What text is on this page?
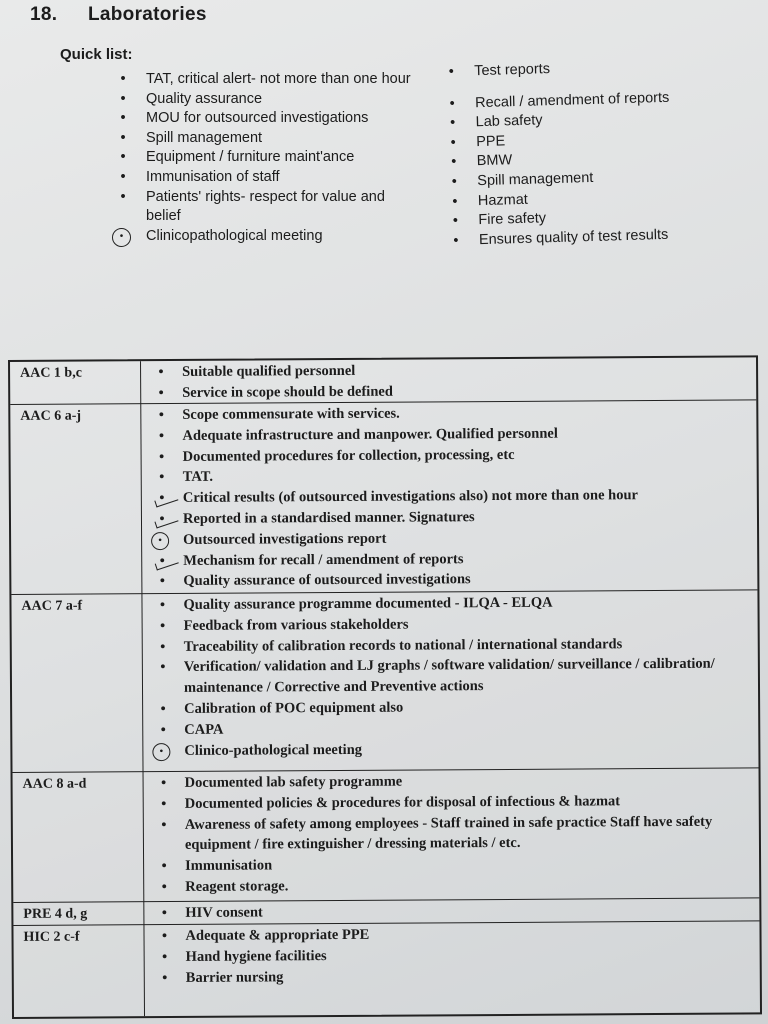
18. Laboratories
Quick list:
• TAT, critical alert- not more than one hour
• Quality assurance
• MOU for outsourced investigations
• Spill management
• Equipment / furniture maint'ance
• Immunisation of staff
• Patients' rights- respect for value and belief
•	Clinicopathological meeting
• Test reports
• Recall / amendment of reports
• Lab safety
• PPE
• BMW
• Spill management
• Hazmat
• Fire safety
• Ensures quality of test results
AAC 1 b,c	• Suitable qualified personnel
• Service in scope should be defined
AAC 6 a-j	• Scope commensurate with services.
• Adequate infrastructure and manpower. Qualified personnel
• Documented procedures for collection, processing, etc
• TAT.
• Critical results (of outsourced investigations also) not more than one hour
• Reported in a standardised manner. Signatures
•	Outsourced investigations report
• Mechanism for recall / amendment of reports
• Quality assurance of outsourced investigations
AAC 7 a-f	• Quality assurance programme documented - ILQA - ELQA
• Feedback from various stakeholders
• Traceability of calibration records to national / international standards
• Verification/ validation and LJ graphs / software validation/ surveillance / calibration/ maintenance / Corrective and Preventive actions
• Calibration of POC equipment also
• CAPA
•	Clinico-pathological meeting
AAC 8 a-d	• Documented lab safety programme
• Documented policies & procedures for disposal of infectious & hazmat
• Awareness of safety among employees - Staff trained in safe practice Staff have safety equipment / fire extinguisher / dressing materials / etc.
• Immunisation
• Reagent storage.
PRE 4 d, g	• HIV consent
HIC 2 c-f	• Adequate & appropriate PPE
• Hand hygiene facilities
• Barrier nursing
